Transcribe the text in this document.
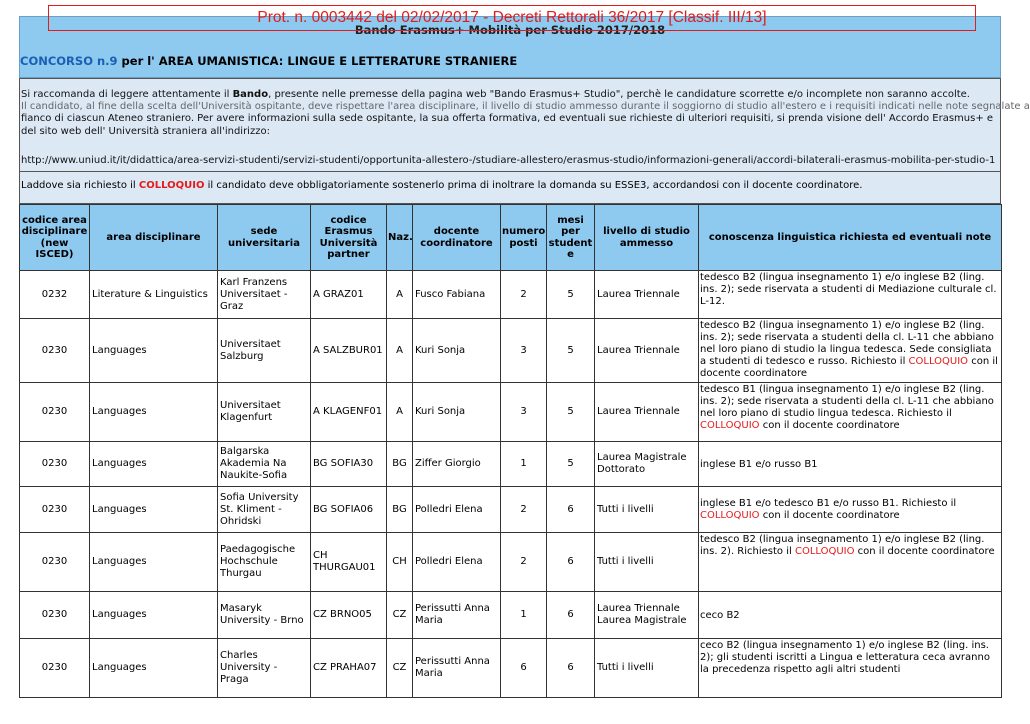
Prot. n. 0003442 del 02/02/2017 - Decreti Rettorali 36/2017 [Classif. III/13]
Bando Erasmus+ Mobilità per Studio 2017/2018
CONCORSO n.9 per l' AREA UMANISTICA: LINGUE E LETTERATURE STRANIERE
Si raccomanda di leggere attentamente il Bando, presente nelle premesse della pagina web "Bando Erasmus+ Studio", perchè le candidature scorrette e/o incomplete non saranno accolte.
Il candidato, al fine della scelta dell'Università ospitante, deve rispettare l'area disciplinare, il livello di studio ammesso durante il soggiorno di studio all'estero e i requisiti indicati nelle note segnalate a
fianco di ciascun Ateneo straniero. Per avere informazioni sulla sede ospitante, la sua offerta formativa, ed eventuali sue richieste di ulteriori requisiti, si prenda visione dell' Accordo Erasmus+ e del sito web dell' Università straniera all'indirizzo:
http://www.uniud.it/it/didattica/area-servizi-studenti/servizi-studenti/opportunita-allestero-/studiare-allestero/erasmus-studio/informazioni-generali/accordi-bilaterali-erasmus-mobilita-per-studio-1
Laddove sia richiesto il COLLOQUIO il candidato deve obbligatoriamente sostenerlo prima di inoltrare la domanda su ESSE3, accordandosi con il docente coordinatore.
codice area disciplinare (new ISCED)	area disciplinare	sede universitaria	codice Erasmus Università partner	Naz.	docente coordinatore	numero posti	mesi per student e	livello di studio ammesso	conoscenza linguistica richiesta ed eventuali note
0232	Literature & Linguistics	Karl Franzens Universitaet - Graz	A GRAZ01	A	Fusco Fabiana	2	5	Laurea Triennale	tedesco B2 (lingua insegnamento 1) e/o inglese B2 (ling. ins. 2); sede riservata a studenti di Mediazione culturale cl. L-12.
0230	Languages	Universitaet Salzburg	A SALZBUR01	A	Kuri Sonja	3	5	Laurea Triennale	tedesco B2 (lingua insegnamento 1) e/o inglese B2 (ling. ins. 2); sede riservata a studenti della cl. L-11 che abbiano nel loro piano di studio la lingua tedesca. Sede consigliata a studenti di tedesco e russo. Richiesto il COLLOQUIO con il docente coordinatore
0230	Languages	Universitaet Klagenfurt	A KLAGENF01	A	Kuri Sonja	3	5	Laurea Triennale	tedesco B1 (lingua insegnamento 1) e/o inglese B2 (ling. ins. 2); sede riservata a studenti della cl. L-11 che abbiano nel loro piano di studio lingua tedesca. Richiesto il COLLOQUIO con il docente coordinatore
0230	Languages	Balgarska Akademia Na Naukite-Sofia	BG SOFIA30	BG	Ziffer Giorgio	1	5	Laurea Magistrale Dottorato	inglese B1 e/o russo B1
0230	Languages	Sofia University St. Kliment - Ohridski	BG SOFIA06	BG	Polledri Elena	2	6	Tutti i livelli	inglese B1 e/o tedesco B1 e/o russo B1. Richiesto il COLLOQUIO con il docente coordinatore
0230	Languages	Paedagogische Hochschule Thurgau	CH THURGAU01	CH	Polledri Elena	2	6	Tutti i livelli	tedesco B2 (lingua insegnamento 1) e/o inglese B2 (ling. ins. 2). Richiesto il COLLOQUIO con il docente coordinatore
0230	Languages	Masaryk University - Brno	CZ BRNO05	CZ	Perissutti Anna Maria	1	6	Laurea Triennale Laurea Magistrale	ceco B2
0230	Languages	Charles University - Praga	CZ PRAHA07	CZ	Perissutti Anna Maria	6	6	Tutti i livelli	ceco B2 (lingua insegnamento 1) e/o inglese B2 (ling. ins. 2); gli studenti iscritti a Lingua e letteratura ceca avranno la precedenza rispetto agli altri studenti
